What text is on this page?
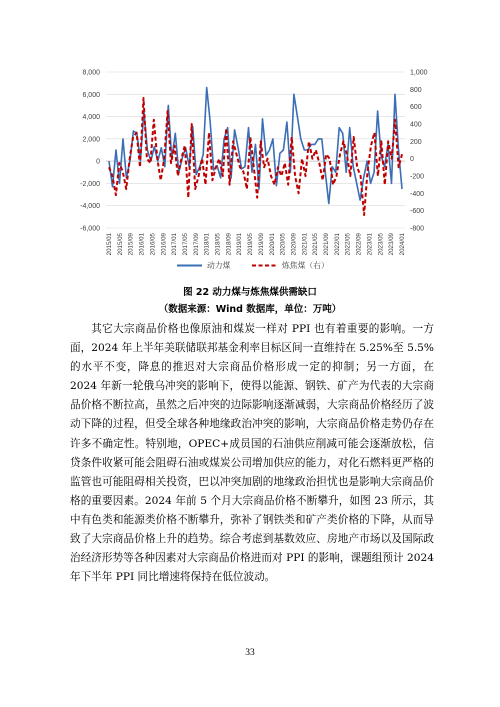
8,000
6,000
4,000
2,000
0
-2,000
-4,000
-6,000
1,000
800
600
400
200
0
-200
-400
-600
-800
2015/01 2015/05 2015/09 2016/01 2016/05 2016/09 2017/01 2017/05 2017/09 2018/01 2018/05 2018/09 2019/01 2019/05 2019/09 2020/01 2020/05 2020/09 2021/01 2021/05 2021/09 2022/01 2022/05 2022/09 2023/01 2023/05 2023/09 2024/01
动力煤	炼焦煤（右）
图 22 动力煤与炼焦煤供需缺口
（数据来源：Wind 数据库，单位：万吨）

其它大宗商品价格也像原油和煤炭一样对 PPI 也有着重要的影响。一方面，2024 年上半年美联储联邦基金利率目标区间一直维持在 5.25%至 5.5%的水平不变，降息的推迟对大宗商品价格形成一定的抑制；另一方面，在 2024 年新一轮俄乌冲突的影响下，使得以能源、钢铁、矿产为代表的大宗商品价格不断拉高，虽然之后冲突的边际影响逐渐减弱，大宗商品价格经历了波动下降的过程，但受全球各种地缘政治冲突的影响，大宗商品价格走势仍存在许多不确定性。特别地，OPEC+成员国的石油供应削减可能会逐渐放松，信贷条件收紧可能会阻碍石油或煤炭公司增加供应的能力，对化石燃料更严格的监管也可能阻碍相关投资，巴以冲突加剧的地缘政治担忧也是影响大宗商品价格的重要因素。2024 年前 5 个月大宗商品价格不断攀升，如图 23 所示，其中有色类和能源类价格不断攀升，弥补了钢铁类和矿产类价格的下降，从而导致了大宗商品价格上升的趋势。综合考虑到基数效应、房地产市场以及国际政治经济形势等各种因素对大宗商品价格进而对 PPI 的影响，课题组预计 2024 年下半年 PPI 同比增速将保持在低位波动。

33
